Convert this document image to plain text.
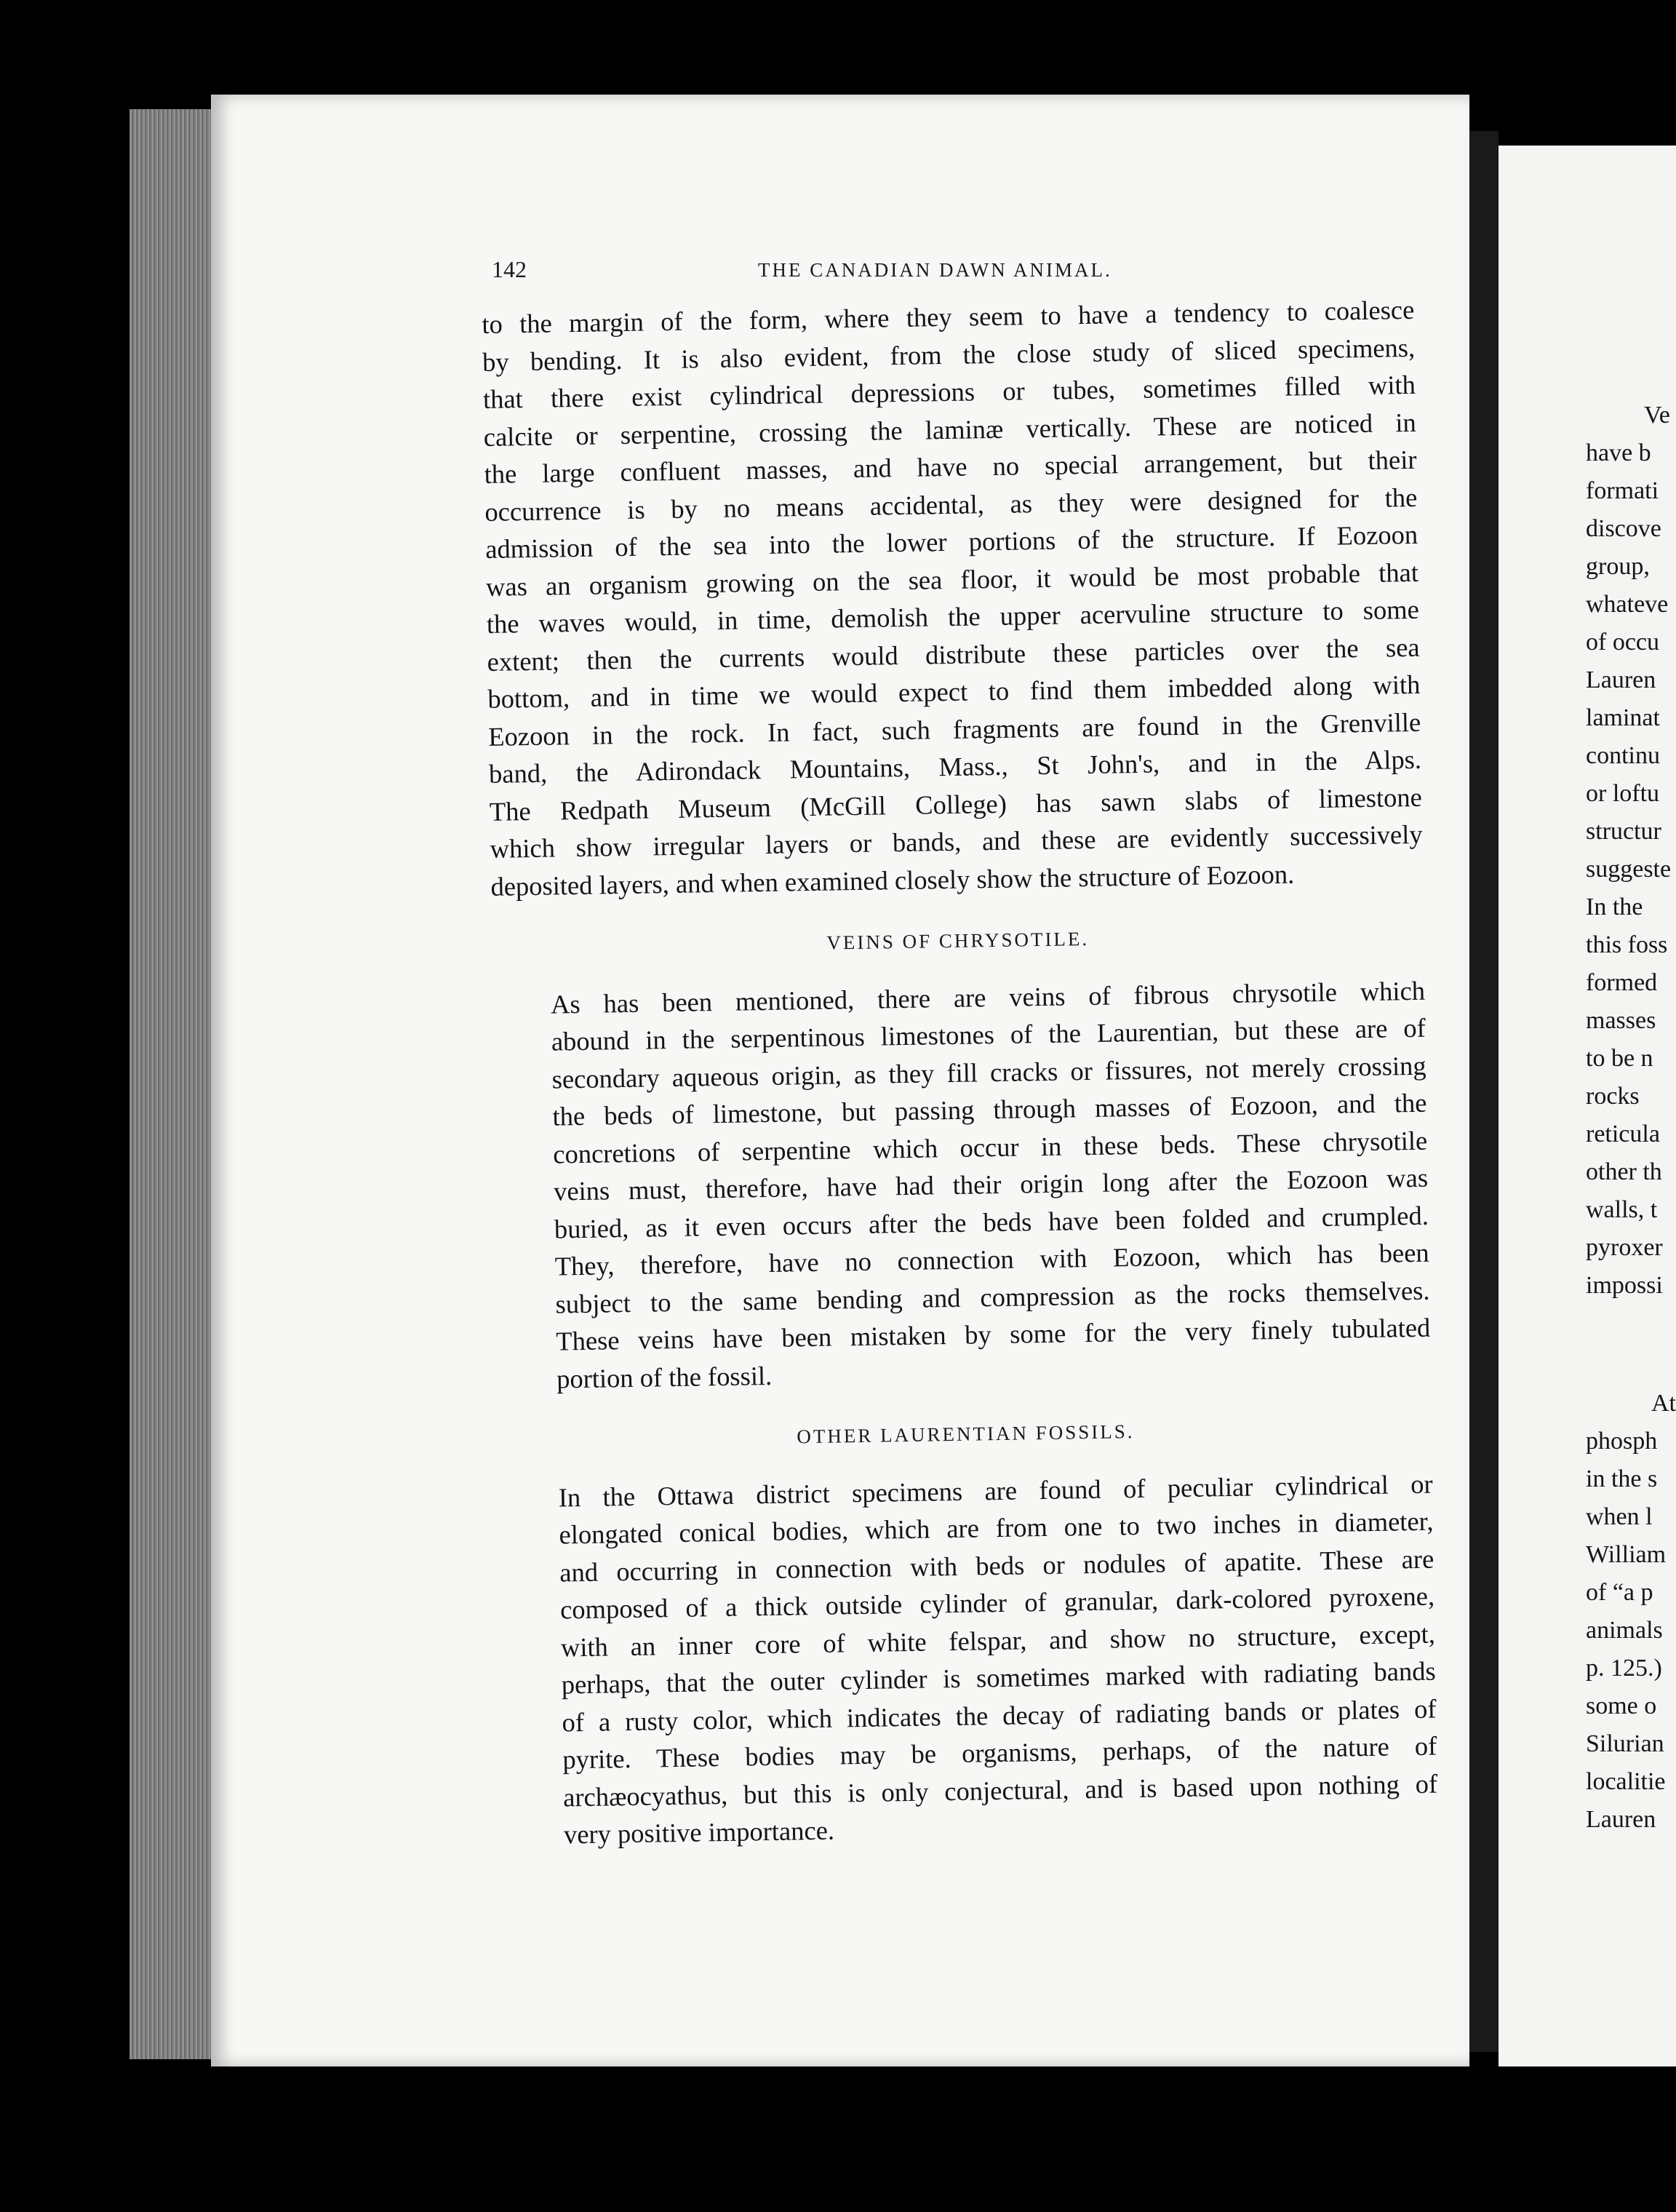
142	THE CANADIAN DAWN ANIMAL.

to the margin of the form, where they seem to have a tendency to coalesce
by bending. It is also evident, from the close study of sliced specimens,
that there exist cylindrical depressions or tubes, sometimes filled with
calcite or serpentine, crossing the laminæ vertically. These are noticed in
the large confluent masses, and have no special arrangement, but their
occurrence is by no means accidental, as they were designed for the
admission of the sea into the lower portions of the structure. If Eozoon
was an organism growing on the sea floor, it would be most probable that
the waves would, in time, demolish the upper acervuline structure to some
extent; then the currents would distribute these particles over the sea
bottom, and in time we would expect to find them imbedded along with
Eozoon in the rock. In fact, such fragments are found in the Grenville
band, the Adirondack Mountains, Mass., St John's, and in the Alps.
The Redpath Museum (McGill College) has sawn slabs of limestone
which show irregular layers or bands, and these are evidently successively
deposited layers, and when examined closely show the structure of Eozoon.

VEINS OF CHRYSOTILE.

As has been mentioned, there are veins of fibrous chrysotile which
abound in the serpentinous limestones of the Laurentian, but these are of
secondary aqueous origin, as they fill cracks or fissures, not merely crossing
the beds of limestone, but passing through masses of Eozoon, and the
concretions of serpentine which occur in these beds. These chrysotile
veins must, therefore, have had their origin long after the Eozoon was
buried, as it even occurs after the beds have been folded and crumpled.
They, therefore, have no connection with Eozoon, which has been
subject to the same bending and compression as the rocks themselves.
These veins have been mistaken by some for the very finely tubulated
portion of the fossil.

OTHER LAURENTIAN FOSSILS.

In the Ottawa district specimens are found of peculiar cylindrical or
elongated conical bodies, which are from one to two inches in diameter,
and occurring in connection with beds or nodules of apatite. These are
composed of a thick outside cylinder of granular, dark-colored pyroxene,
with an inner core of white felspar, and show no structure, except,
perhaps, that the outer cylinder is sometimes marked with radiating bands
of a rusty color, which indicates the decay of radiating bands or plates of
pyrite. These bodies may be organisms, perhaps, of the nature of
archæocyathus, but this is only conjectural, and is based upon nothing of
very positive importance.

Ve
have b
formati
discove
group,
whateve
of occu
Lauren
laminat
continu
or loftu
structur
suggeste
In the
this foss
formed
masses
to be n
rocks
reticula
other th
walls, t
pyroxer
impossi
At
phosph
in the s
when l
William
of “a p
animals
p. 125.)
some o
Silurian
localitie
Lauren
